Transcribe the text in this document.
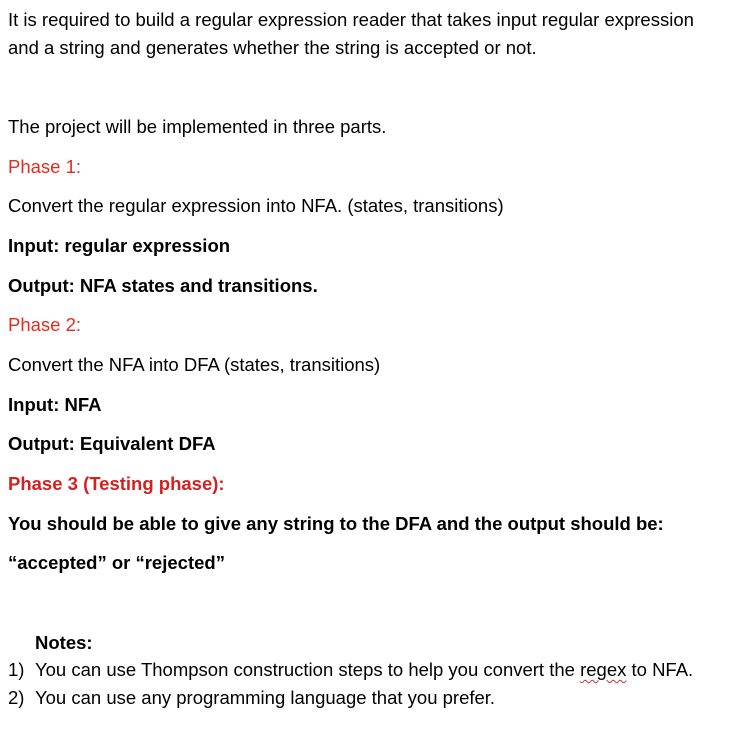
It is required to build a regular expression reader that takes input regular expression
and a string and generates whether the string is accepted or not.
The project will be implemented in three parts.
Phase 1:
Convert the regular expression into NFA. (states, transitions)
Input: regular expression
Output: NFA states and transitions.
Phase 2:
Convert the NFA into DFA (states, transitions)
Input: NFA
Output: Equivalent DFA
Phase 3 (Testing phase):
You should be able to give any string to the DFA and the output should be:
“accepted” or “rejected”
Notes:
1) You can use Thompson construction steps to help you convert the regex to NFA.
2) You can use any programming language that you prefer.
